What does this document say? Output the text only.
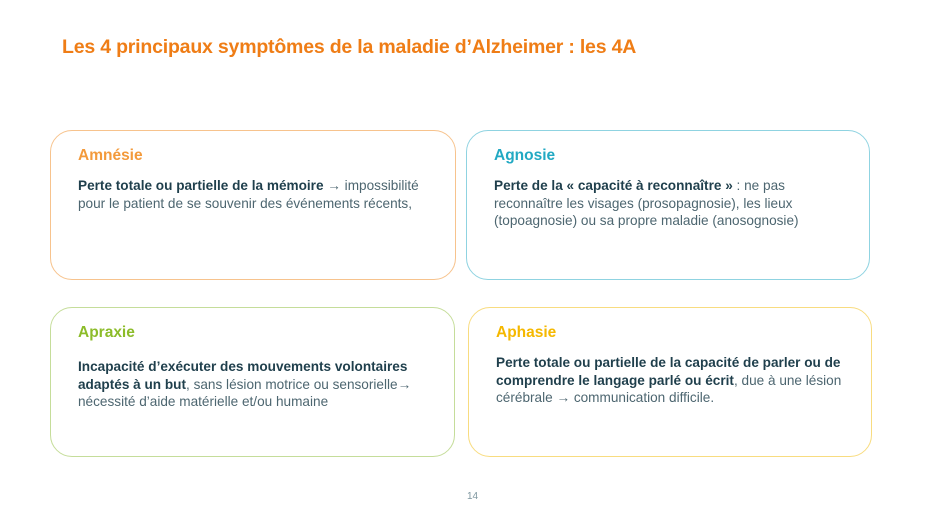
Les 4 principaux symptômes de la maladie d’Alzheimer : les 4A
Amnésie
Perte totale ou partielle de la mémoire → impossibilité pour le patient de se souvenir des événements récents,
Agnosie
Perte de la « capacité à reconnaître » : ne pas reconnaître les visages (prosopagnosie), les lieux (topoagnosie) ou sa propre maladie (anosognosie)
Apraxie
Incapacité d’exécuter des mouvements volontaires adaptés à un but, sans lésion motrice ou sensorielle→ nécessité d’aide matérielle et/ou humaine
Aphasie
Perte totale ou partielle de la capacité de parler ou de comprendre le langage parlé ou écrit, due à une lésion cérébrale → communication difficile.
14
